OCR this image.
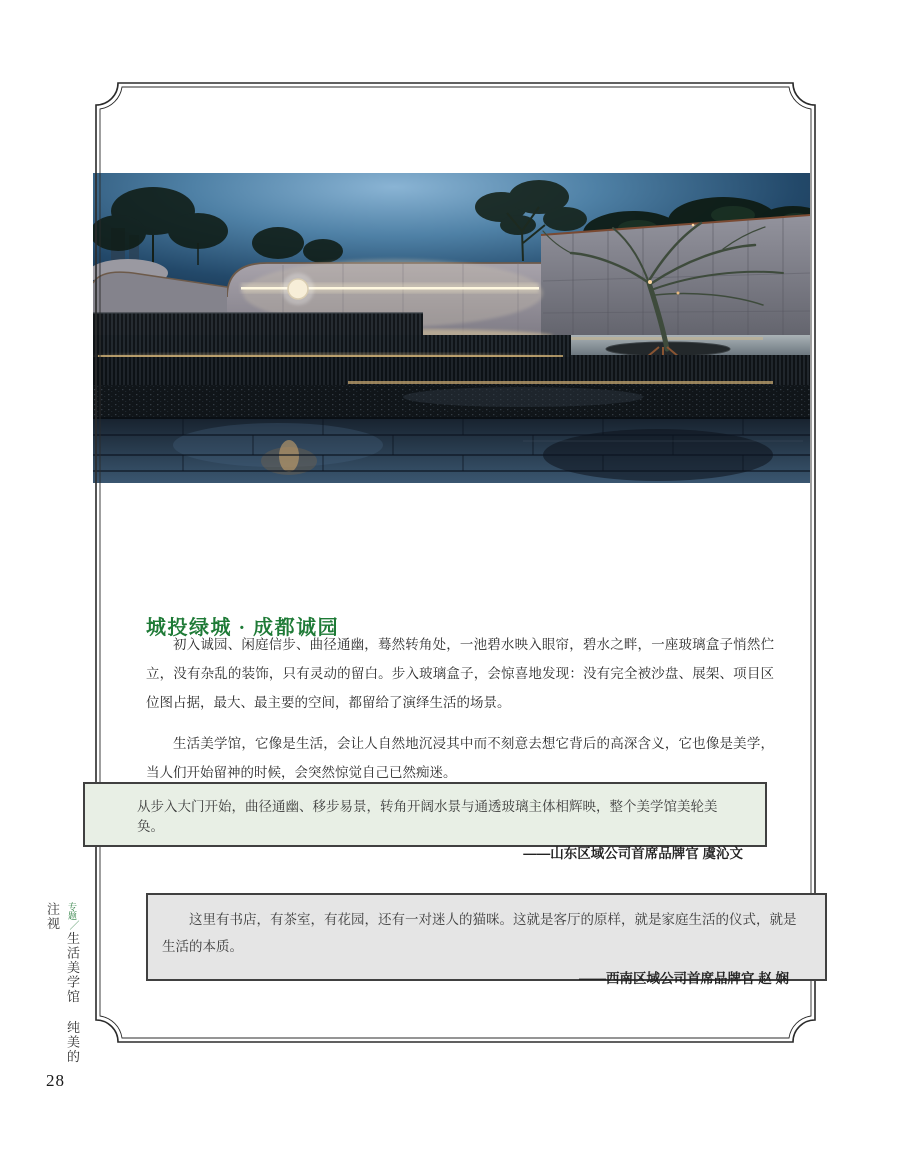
城投绿城 · 成都诚园

初入诚园、闲庭信步、曲径通幽，蓦然转角处，一池碧水映入眼帘，碧水之畔，一座玻璃盒子悄然伫立，没有杂乱的装饰，只有灵动的留白。步入玻璃盒子，会惊喜地发现：没有完全被沙盘、展架、项目区位图占据，最大、最主要的空间，都留给了演绎生活的场景。

生活美学馆，它像是生活，会让人自然地沉浸其中而不刻意去想它背后的高深含义，它也像是美学，当人们开始留神的时候，会突然惊觉自己已然痴迷。

从步入大门开始，曲径通幽、移步易景，转角开阔水景与通透玻璃主体相辉映，整个美学馆美轮美奂。
——山东区域公司首席品牌官 虞沁文
这里有书店，有茶室，有花园，还有一对迷人的猫咪。这就是客厅的原样，就是家庭生活的仪式，就是生活的本质。
——西南区域公司首席品牌官 赵 娴
专题／生活美学馆 纯美的注视
28
